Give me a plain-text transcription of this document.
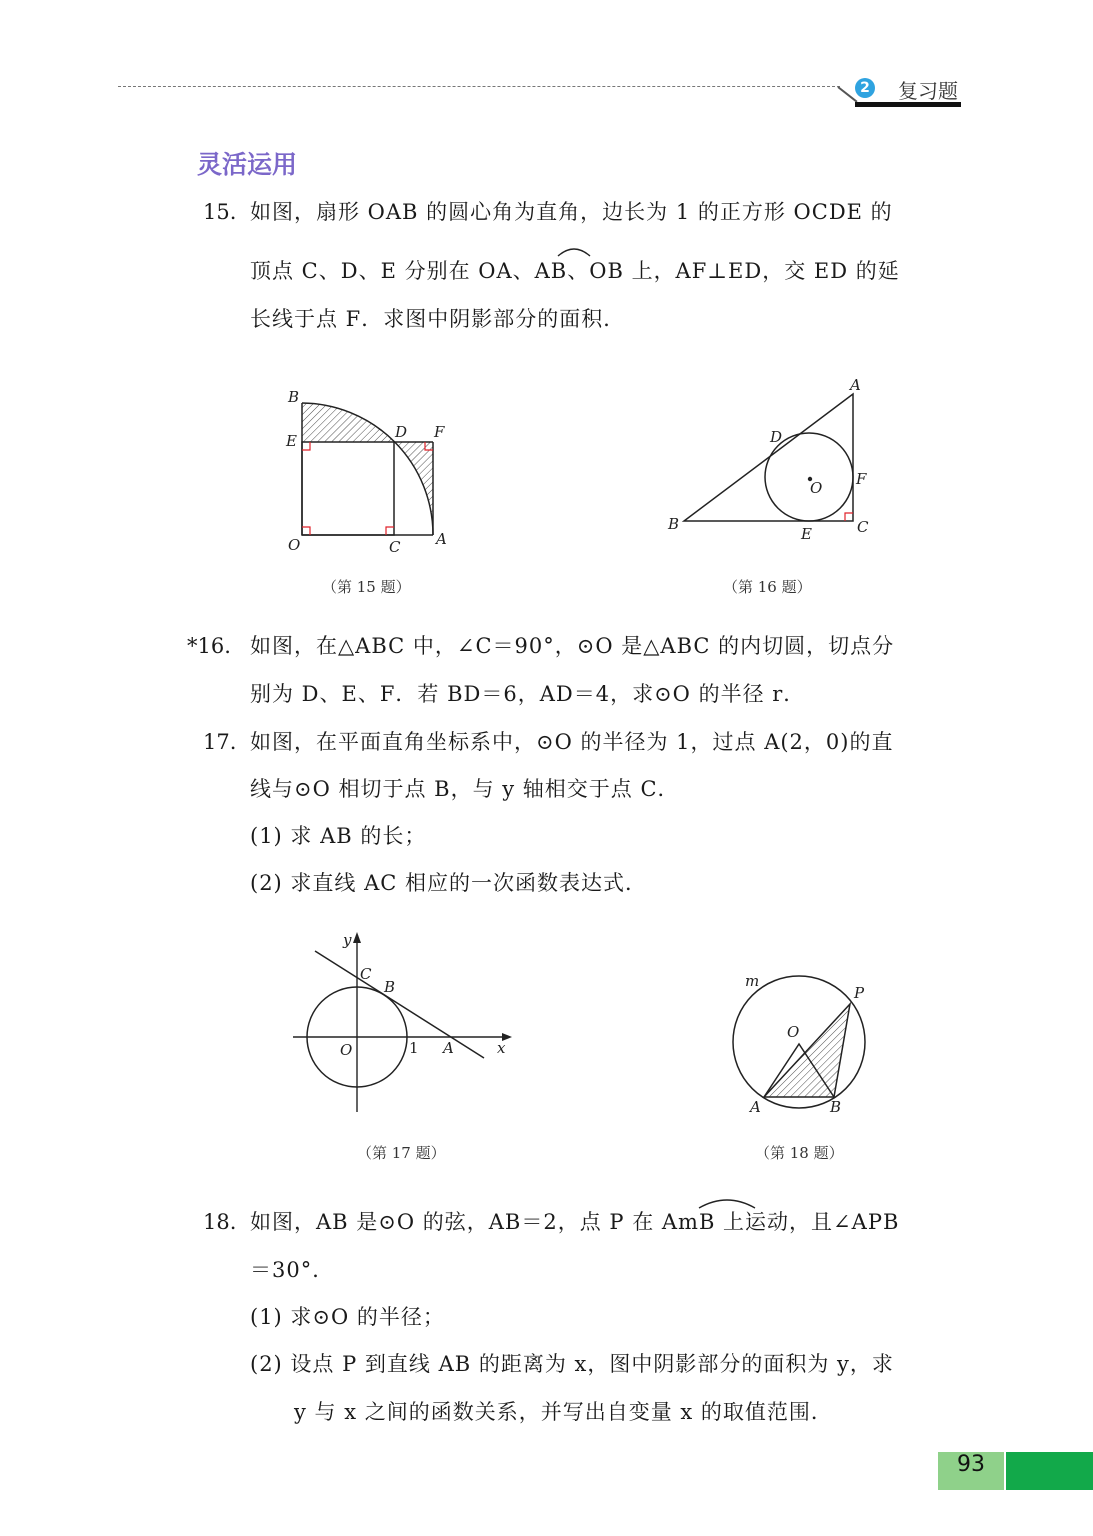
2 复习题
灵活运用
15. 如图，扇形 OAB 的圆心角为直角，边长为 1 的正方形 OCDE 的
顶点 C、D、E 分别在 OA、AB、OB 上，AF⊥ED，交 ED 的延
长线于点 F．求图中阴影部分的面积．
B
E	D F
O	C A
（第 15 题）
A
D
O F
B
E	C
（第 16 题）
*16. 如图，在△ABC 中，∠C＝90°，⊙O 是△ABC 的内切圆，切点分
别为 D、E、F．若 BD＝6，AD＝4，求⊙O 的半径 r．
17. 如图，在平面直角坐标系中，⊙O 的半径为 1，过点 A(2，0)的直
线与⊙O 相切于点 B，与 y 轴相交于点 C．
(1) 求 AB 的长；
(2) 求直线 AC 相应的一次函数表达式．
y
C
B
O	1 A	x
（第 17 题）
m
P
O
A	B
（第 18 题）
18. 如图，AB 是⊙O 的弦，AB＝2，点 P 在 AmB 上运动，且∠APB
＝30°．
(1) 求⊙O 的半径；
(2) 设点 P 到直线 AB 的距离为 x，图中阴影部分的面积为 y，求
y 与 x 之间的函数关系，并写出自变量 x 的取值范围．
93
